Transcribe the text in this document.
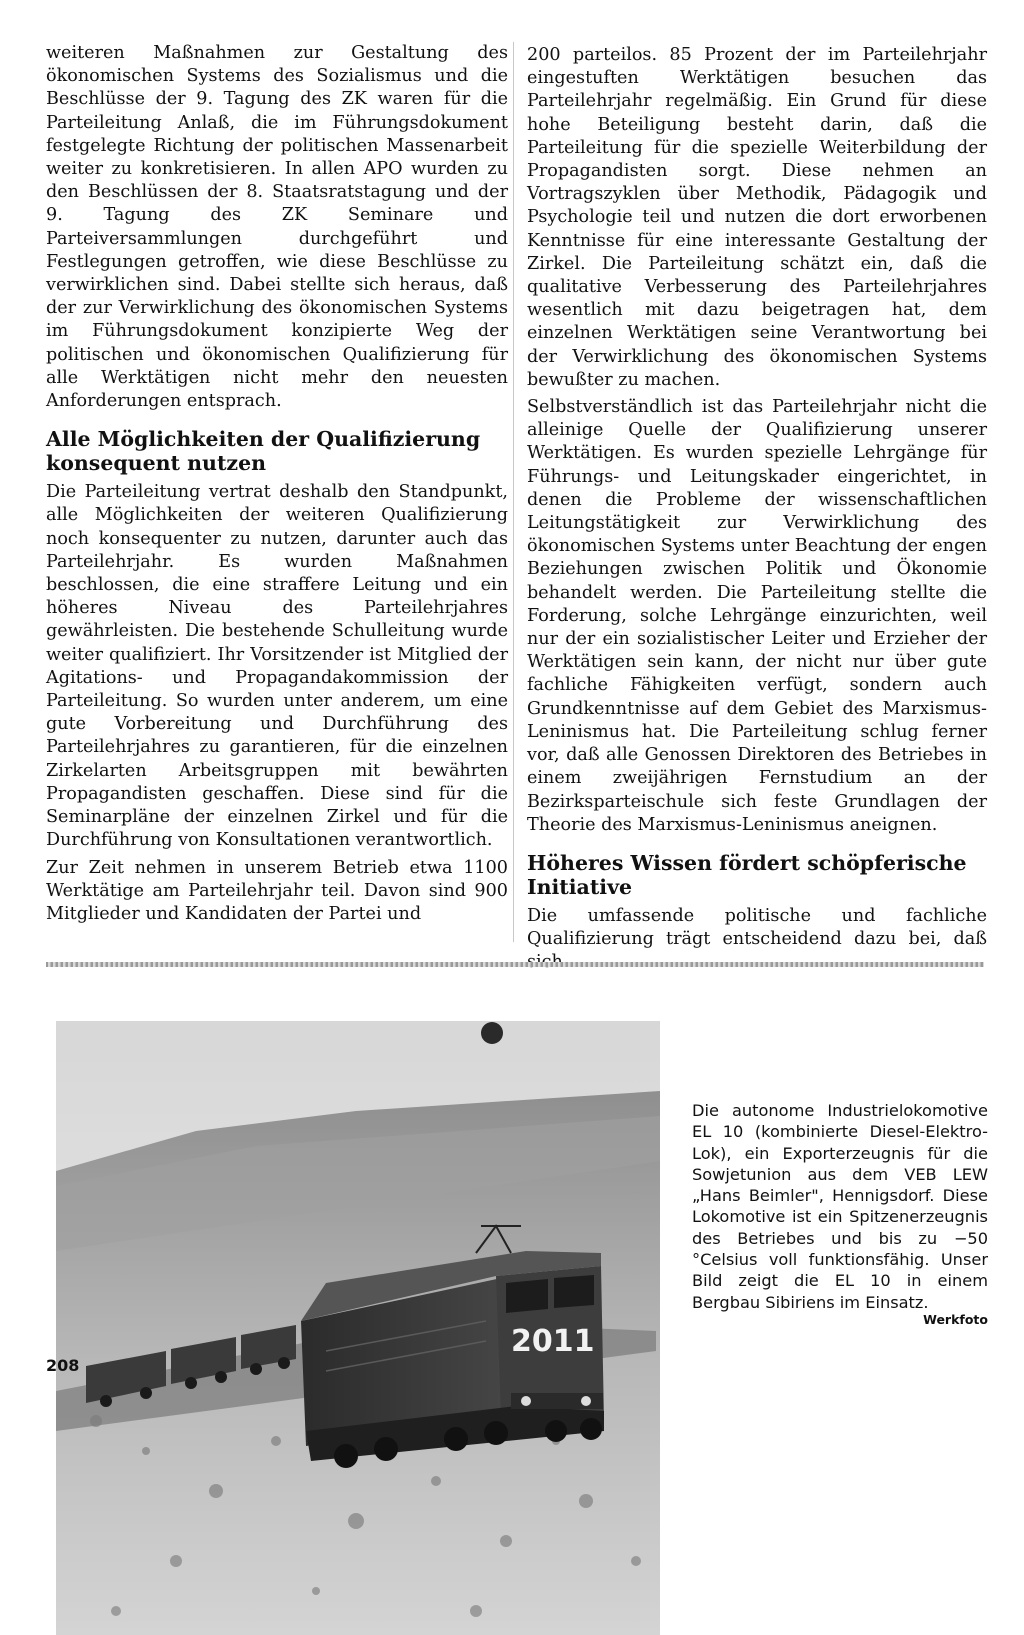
weiteren Maßnahmen zur Gestaltung des ökonomischen Systems des Sozialismus und die Beschlüsse der 9. Tagung des ZK waren für die Parteileitung Anlaß, die im Führungsdokument festgelegte Richtung der politischen Massenarbeit weiter zu konkretisieren. In allen APO wurden zu den Beschlüssen der 8. Staatsratstagung und der 9. Tagung des ZK Seminare und Parteiversammlungen durchgeführt und Festlegungen getroffen, wie diese Beschlüsse zu verwirklichen sind. Dabei stellte sich heraus, daß der zur Verwirklichung des ökonomischen Systems im Führungsdokument konzipierte Weg der politischen und ökonomischen Qualifizierung für alle Werktätigen nicht mehr den neuesten Anforderungen entsprach.

Alle Möglichkeiten der Qualifizierung konsequent nutzen

Die Parteileitung vertrat deshalb den Standpunkt, alle Möglichkeiten der weiteren Qualifizierung noch konsequenter zu nutzen, darunter auch das Parteilehrjahr. Es wurden Maßnahmen beschlossen, die eine straffere Leitung und ein höheres Niveau des Parteilehrjahres gewährleisten. Die bestehende Schulleitung wurde weiter qualifiziert. Ihr Vorsitzender ist Mitglied der Agitations- und Propagandakommission der Parteileitung. So wurden unter anderem, um eine gute Vorbereitung und Durchführung des Parteilehrjahres zu garantieren, für die einzelnen Zirkelarten Arbeitsgruppen mit bewährten Propagandisten geschaffen. Diese sind für die Seminarpläne der einzelnen Zirkel und für die Durchführung von Konsultationen verantwortlich.

Zur Zeit nehmen in unserem Betrieb etwa 1100 Werktätige am Parteilehrjahr teil. Davon sind 900 Mitglieder und Kandidaten der Partei und

200 parteilos. 85 Prozent der im Parteilehrjahr eingestuften Werktätigen besuchen das Parteilehrjahr regelmäßig. Ein Grund für diese hohe Beteiligung besteht darin, daß die Parteileitung für die spezielle Weiterbildung der Propagandisten sorgt. Diese nehmen an Vortragszyklen über Methodik, Pädagogik und Psychologie teil und nutzen die dort erworbenen Kenntnisse für eine interessante Gestaltung der Zirkel. Die Parteileitung schätzt ein, daß die qualitative Verbesserung des Parteilehrjahres wesentlich mit dazu beigetragen hat, dem einzelnen Werktätigen seine Verantwortung bei der Verwirklichung des ökonomischen Systems bewußter zu machen.

Selbstverständlich ist das Parteilehrjahr nicht die alleinige Quelle der Qualifizierung unserer Werktätigen. Es wurden spezielle Lehrgänge für Führungs- und Leitungskader eingerichtet, in denen die Probleme der wissenschaftlichen Leitungstätigkeit zur Verwirklichung des ökonomischen Systems unter Beachtung der engen Beziehungen zwischen Politik und Ökonomie behandelt werden. Die Parteileitung stellte die Forderung, solche Lehrgänge einzurichten, weil nur der ein sozialistischer Leiter und Erzieher der Werktätigen sein kann, der nicht nur über gute fachliche Fähigkeiten verfügt, sondern auch Grundkenntnisse auf dem Gebiet des Marxismus-Leninismus hat. Die Parteileitung schlug ferner vor, daß alle Genossen Direktoren des Betriebes in einem zweijährigen Fernstudium an der Bezirksparteischule sich feste Grundlagen der Theorie des Marxismus-Leninismus aneignen.

Höheres Wissen fördert schöpferische Initiative

Die umfassende politische und fachliche Qualifizierung trägt entscheidend dazu bei, daß

2011
Die autonome Industrielokomotive EL 10 (kombinierte Diesel-Elektro-Lok), ein Exporterzeugnis für die Sowjetunion aus dem VEB LEW „Hans Beimler", Hennigsdorf. Diese Lokomotive ist ein Spitzenerzeugnis des Betriebes und bis zu −50 °Celsius voll funktionsfähig. Unser Bild zeigt die EL 10 in einem Bergbau Sibiriens im Einsatz.
Werkfoto
208
